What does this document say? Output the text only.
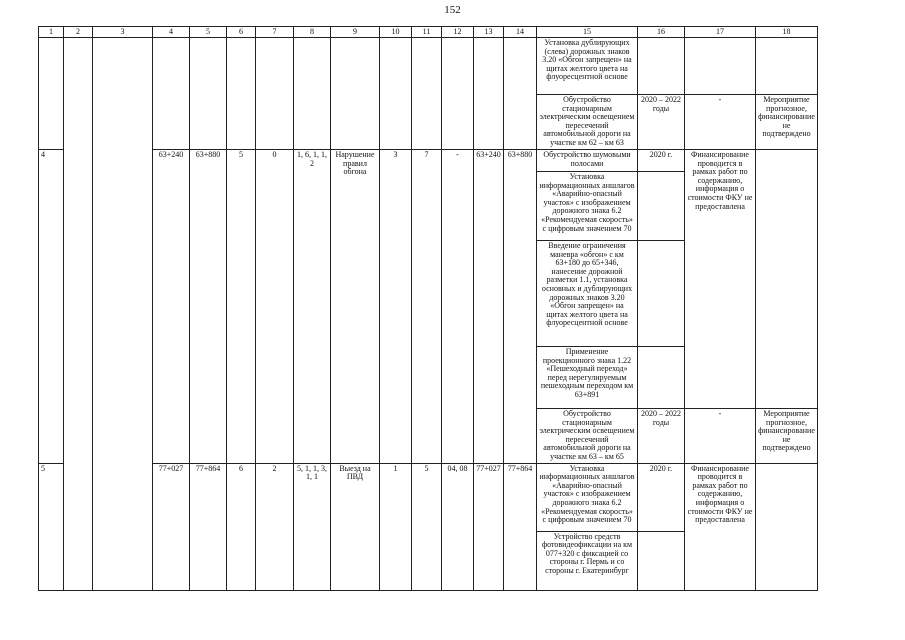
152
1	2	3	4	5	6	7	8	9	10	11	12	13	14	15	16	17	18
														Установка дублирующих (слева) дорожных знаков 3.20 «Обгон запрещен» на щитах желтого цвета на флуоресцентной основе			
														Обустройство стационарным электрическим освещением пересечений автомобильной дороги на участке км 62 – км 63	2020 – 2022 годы	-	Мероприятие прогнозное, финансирование не подтверждено
4			63+240	63+880	5	0	1, 6, 1, 1, 2	Нарушение правил обгона	3	7	-	63+240	63+880	Обустройство шумовыми полосами	2020 г.	Финансирование проводится в рамках работ по содержанию, информация о стоимости ФКУ не предоставлена	
														Установка информационных аншлагов «Аварийно-опасный участок» с изображением дорожного знака 6.2 «Рекомендуемая скорость» с цифровым значением 70			
														Введение ограничения маневра «обгон» с км 63+180 до 65+346, нанесение дорожной разметки 1.1, установка основных и дублирующих дорожных знаков 3.20 «Обгон запрещен» на щитах желтого цвета на флуоресцентной основе			
														Применение проекционного знака 1.22 «Пешеходный переход» перед нерегулируемым пешеходным переходом км 63+891			
														Обустройство стационарным электрическим освещением пересечений автомобильной дороги на участке км 63 – км 65	2020 – 2022 годы	-	Мероприятие прогнозное, финансирование не подтверждено
5			77+027	77+864	6	2	5, 1, 1, 3, 1, 1	Выезд на ПВД	1	5	04, 08	77+027	77+864	Установка информационных аншлагов «Аварийно-опасный участок» с изображением дорожного знака 6.2 «Рекомендуемая скорость» с цифровым значением 70	2020 г.	Финансирование проводится в рамках работ по содержанию, информация о стоимости ФКУ не предоставлена	
														Устройство средств фотовидеофиксации на км 077+320 с фиксацией со стороны г. Пермь и со стороны г. Екатеринбург			
